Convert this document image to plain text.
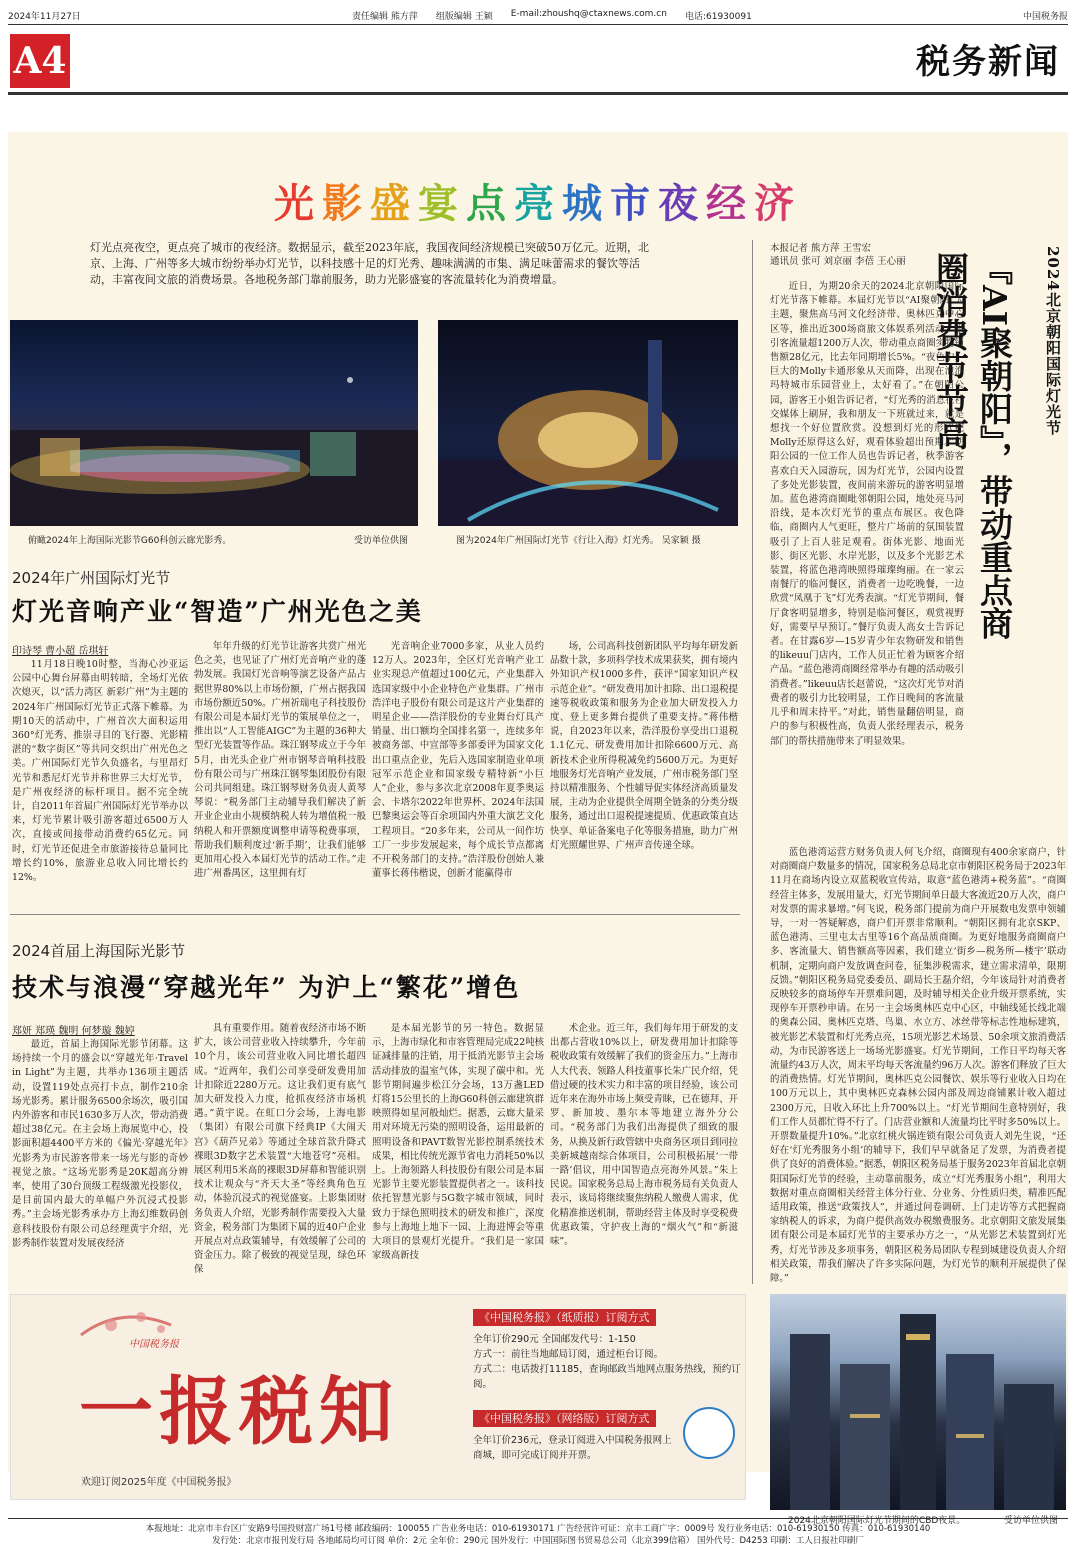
2024年11月27日	责任编辑 熊方萍 组版编辑 王颖 E-mail:zhoushq@ctaxnews.com.cn 电话:61930091	中国税务报
A4	税务新闻
光影盛宴点亮城市夜经济
灯光点亮夜空，更点亮了城市的夜经济。数据显示，截至2023年底，我国夜间经济规模已突破50万亿元。近期，北京、上海、广州等多大城市纷纷举办灯光节，以科技感十足的灯光秀、趣味满满的市集、满足味蕾需求的餐饮等活动，丰富夜间文旅的消费场景。各地税务部门靠前服务，助力光影盛宴的客流量转化为消费增量。
俯瞰2024年上海国际光影节G60科创云廊光影秀。	受访单位供图	图为2024年广州国际灯光节《行让入海》灯光秀。 吴家颖 摄
2024年广州国际灯光节
灯光音响产业“智造”广州光色之美
印诗琴 曹小超 岳琪轩

11月18日晚10时整，当海心沙亚运公园中心舞台屏幕由明转暗，全场灯光依次熄灭，以“活力湾区 新彩广州”为主题的2024年广州国际灯光节正式落下帷幕。为期10天的活动中，广州首次大面积运用360°灯光秀、推崇寻目的飞行器、光影精湛的“数字街区”等共同交织出广州光色之美。广州国际灯光节久负盛名，与里昂灯光节和悉尼灯光节并称世界三大灯光节，是广州夜经济的标杆项目。据不完全统计，自2011年首届广州国际灯光节举办以来，灯光节累计吸引游客超过6500万人次，直接或间接带动消费约65亿元。同时，灯光节还促进全市旅游接待总量同比增长约10%，旅游业总收入同比增长约12%。

年年升级的灯光节让游客共赏广州光色之美，也见证了广州灯光音响产业的蓬勃发展。我国灯光音响等演艺设备产品占据世界80%以上市场份额，广州占据我国市场份额近50%。广州祈瑞电子科技股份有限公司是本届灯光节的策展单位之一，推出以“人工智能AIGC”为主题的36种大型灯光装置等作品。珠江钢琴成立于今年5月，由光头企业广州市钢琴音响科技股份有限公司与广州珠江钢琴集团股份有限公司共同组建。珠江钢琴财务负责人黄琴琴说：“税务部门主动辅导我们解决了新开业企业由小规模纳税人转为增值税一般纳税人和开票额度调整申请等税费事项，帮助我们顺利度过‘新手期’，让我们能够更加用心投入本届灯光节的活动工作。”走进广州番禺区，这里拥有灯

光音响企业7000多家，从业人员约12万人。2023年，全区灯光音响产业工业实现总产值超过100亿元，产业集群入选国家级中小企业特色产业集群。广州市浩洋电子股份有限公司是这片产业集群的明星企业——浩洋股份的专业舞台灯具产销量、出口额均全国排名第一，连续多年被商务部、中宣部等多部委评为国家文化出口重点企业，先后入选国家制造业单项冠军示范企业和国家级专精特新“小巨人”企业，参与多次北京2008年夏季奥运会、卡塔尔2022年世界杯、2024年法国巴黎奥运会等百余项国内外重大演艺文化工程项目。“20多年来，公司从一间作坊工厂一步步发展起来，每个成长节点都离不开税务部门的支持。”浩洋股份创始人兼董事长蒋伟楷说，创新才能赢得市

场，公司高科技创新团队平均每年研发新品数十款，多项科学技术成果获奖，拥有境内外知识产权1000多件，获评“国家知识产权示范企业”。“研发费用加计扣除、出口退税提速等税收政策和服务为企业加大研发投入力度、登上更多舞台提供了重要支持。”蒋伟楷说，自2023年以来，浩洋股份享受出口退税1.1亿元、研发费用加计扣除6600万元、高新技术企业所得税减免约5600万元。为更好地服务灯光音响产业发展，广州市税务部门坚持以精准服务、个性辅导促实体经济高质量发展，主动为企业提供全周期全链条的分类分级服务，通过出口退税提速提质、优惠政策直达快享、单证备案电子化等服务措施，助力广州灯光照耀世界、广州声音传递全球。

2024首届上海国际光影节
技术与浪漫“穿越光年” 为沪上“繁花”增色
郑妍 郑瑛 魏明 何梦璇 魏婷

最近，首届上海国际光影节闭幕。这场持续一个月的盛会以“穿越光年·Travel in Light”为主题，共举办136项主题活动，设置119处点亮打卡点，制作210余场光影秀。累计服务6500余场次，吸引国内外游客和市民1630多万人次，带动消费超过38亿元。在主会场上海展览中心，投影面积超4400平方米的《偏光·穿越光年》光影秀为市民游客带来一场光与影的奇妙视觉之旅。“这场光影秀是20K超高分辨率，使用了30台顶级工程级激光投影仪，是目前国内最大的单幅户外沉浸式投影秀。”主会场光影秀承办方上海幻维数码创意科技股份有限公司总经理黄宇介绍，光影秀制作装置对发展夜经济

具有重要作用。随着夜经济市场不断扩大，该公司营业收入持续攀升，今年前10个月，该公司营业收入同比增长超四成。“近两年，我们公司享受研发费用加计扣除近2280万元。这让我们更有底气加大研发投入力度，抢抓夜经济市场机遇。”黄宇说。在虹口分会场，上海电影（集团）有限公司旗下经典IP《大闹天宫》《葫芦兄弟》等通过全球首款升降式裸眼3D数字艺术装置“大地苍穹”亮相。展区利用5米高的裸眼3D屏幕和智能识别技术让观众与“齐天大圣”等经典角色互动，体验沉浸式的视觉盛宴。上影集团财务负责人介绍，光影秀制作需要投入大量资金，税务部门为集团下属的近40户企业开展点对点政策辅导，有效缓解了公司的资金压力。除了极致的视觉呈现，绿色环保

是本届光影节的另一特色。数据显示，上海市绿化和市容管理局完成22吨核证减排量的注销，用于抵消光影节主会场活动排放的温室气体，实现了碳中和。光影节期间遍步松江分会场，13万盏LED灯将15公里长的上海G60科创云廊建筑群映照得如星河般灿烂。据悉，云廊大量采用对环境无污染的照明设备，运用最新的照明设备和PAVT数智光影控制系统技术成果，相比传统光源节省电力消耗50%以上。上海领路人科技股份有限公司是本届光影节主要光影装置提供者之一。该科技依托智慧光影与5G数字城市领域，同时致力于绿色照明技术的研发和推广，深度参与上海地上地下一园、上海进博会等重大项目的景观灯光提升。“我们是一家国家级高新技

术企业。近三年，我们每年用于研发的支出都占营收10%以上，研发费用加计扣除等税收政策有效缓解了我们的资金压力。”上海市人大代表、领路人科技董事长朱广民介绍，凭借过硬的技术实力和丰富的项目经验，该公司近年来在海外市场上频受青睐，已在德拜、开罗、新加坡、墨尔本等地建立海外分公司。“税务部门为我们出海提供了细致的服务，从换及新行政管辖中央商务区项目到同拉美新城越南综合体项目，公司积极拓展‘一带一路’倡议，用中国智造点亮海外风景。”朱上民说。国家税务总局上海市税务局有关负责人表示，该局将继续聚焦纳税人缴费人需求，优化精准推送机制，帮助经营主体及时享受税费优惠政策，守护夜上海的“烟火气”和“新滋味”。

2024北京朝阳国际灯光节
『AI聚朝阳』，带动重点商圈消费节节高
本报记者 熊方萍 王雪宏
通讯员 张可 刘京丽 李蓓 王心丽

近日，为期20余天的2024北京朝阳国际灯光节落下帷幕。本届灯光节以“AI聚朝阳”为主题，聚焦高马河文化经济带、奥林匹克中心区等，推出近300场商旅文体娱系列活动，吸引客流量超1200万人次，带动重点商圈实物销售额28亿元，比去年同期增长5%。“夜色中，巨大的Molly卡通形象从天而降，出现在泡泡玛特城市乐园营业上，太好看了。”在朝阳公园，游客王小姐告诉记者，“灯光秀的消息在社交媒体上刷屏，我和朋友一下班就过来，就是想找一个好位置欣赏。没想到灯光的形式把Molly还原得这么好，观看体验超出预期。”朝阳公园的一位工作人员也告诉记者，秋季游客喜欢白天入园游玩，因为灯光节，公园内设置了多处光影装置，夜间前来游玩的游客明显增加。蓝色港湾商圈毗邻朝阳公园，地处亮马河沿线，是本次灯光节的重点布展区。夜色降临，商圈内人气更旺，整片广场前的氛围装置吸引了上百人驻足观看。街体光影、地面光影、街区光影、水岸光影，以及多个光影艺术装置，将蓝色港湾映照得璀璨绚丽。在一家云南餐厅的临河餐区，消费者一边吃晚餐，一边欣赏“凤凰于飞”灯光秀表演。“灯光节期间，餐厅食客明显增多，特别是临河餐区，观赏视野好，需要早早预订。”餐厅负责人高女士告诉记者。在甘露6岁—15岁青少年农物研发和销售的likeuu门店内，工作人员正忙着为顾客介绍产品。“蓝色港湾商圈经常举办有趣的活动吸引消费者。”likeuu店长赵蕾说，“这次灯光节对消费者的吸引力比较明显，工作日晚间的客流量儿乎和周末持平。”对此，销售量翻倍明显，商户的参与积极性高，负责人张经理表示，税务部门的帮扶措施带来了明显效果。

蓝色港湾运营方财务负责人何飞介绍，商圈现有400余家商户，针对商圈商户数量多的情况，国家税务总局北京市朝阳区税务局于2023年11月在商场内设立双蓝税收宣传站，取意“蓝色港湾+税务蓝”。“商圈经营主体多，发展用量大，灯光节期间单日最大客流近20万人次，商户对发票的需求暴增。”何飞说，税务部门提前为商户开展数电发票申领辅导，一对一答疑解惑，商户们开票非常顺利。“朝阳区拥有北京SKP、蓝色港湾、三里屯太古里等16个高品质商圈。为更好地服务商圈商户多、客流量大、销售额高等因素，我们建立‘街乡—税务所—楼宇’联动机制，定期向商户发放调查问卷，征集涉税需求，建立需求清单，限期反馈。”朝阳区税务局党委委员、副局长王磊介绍，今年该局针对消费者反映较多的商场停车开票难问题，及时辅导相关企业升级开票系统，实现停车开票秒申请。在另一主会场奥林匹克中心区，中轴线延长线北端的奥森公园、奥林匹克塔、鸟巢、水立方、冰丝带等标志性地标建筑，被光影艺术装置和灯光秀点亮，15项光影艺术场景、50余项文旅消费活动，为市民游客送上一场场光影盛宴。灯光节期间，工作日平均每天客流量约43万人次，周末平均每天客流量约96万人次。游客们释放了巨大的消费热情。灯光节期间，奥林匹克公园餐饮、娱乐等行业收入日均在100万元以上，其中奥林匹克森林公园内部及周边商铺累计收入超过2300万元，日收入环比上升700%以上。“灯光节期间生意特别好，我们工作人员都忙得不行了。门店营业额和人流量均比平时多50%以上。开票数量提升10%。”北京红桃火锅连锁有限公司负责人刘先生说，“还好在‘灯光秀服务小组’的辅导下，我们早早就备足了发票，为消费者提供了良好的消费体验。”据悉，朝阳区税务局基于服务2023年首届北京朝阳国际灯光节的经验，主动靠前服务，成立“灯光秀服务小组”，利用大数据对重点商圈相关经营主体分行业、分业务、分性质归类，精准匹配适用政策，推送“政策找人”，并通过问卷调研、上门走访等方式把握商家纳税人的诉求，为商户提供高效办税缴费服务。北京朝阳文旅发展集团有限公司是本届灯光节的主要承办方之一，“从光影艺术装置到灯光秀，灯光节涉及多项事务，朝阳区税务局团队专程到城建设负责人介绍相关政策，帮我们解决了许多实际问题，为灯光节的顺利开展提供了保障。”

中国税务报
一报税知
欢迎订阅2025年度《中国税务报》
《中国税务报》（纸质报）订阅方式
全年订价290元 全国邮发代号：1-150
方式一：前往当地邮局订阅，通过柜台订阅。
方式二：电话拨打11185，查询邮政当地网点服务热线，预约订阅。
《中国税务报》（网络版）订阅方式
全年订价236元，登录订阅进入中国税务报网上商城，即可完成订阅并开票。
2024北京朝阳国际灯光节期间的CBD夜景。	受访单位供图
本报地址：北京市丰台区广安路9号国投财富广场1号楼 邮政编码：100055 广告业务电话：010-61930171 广告经营许可证：京丰工商广字：0009号 发行业务电话：010-61930150 传真：010-61930140
发行处：北京市报刊发行局 各地邮局均可订阅 单价：2元 全年价：290元 国外发行：中国国际图书贸易总公司（北京399信箱） 国外代号：D4253 印刷：工人日报社印刷厂
